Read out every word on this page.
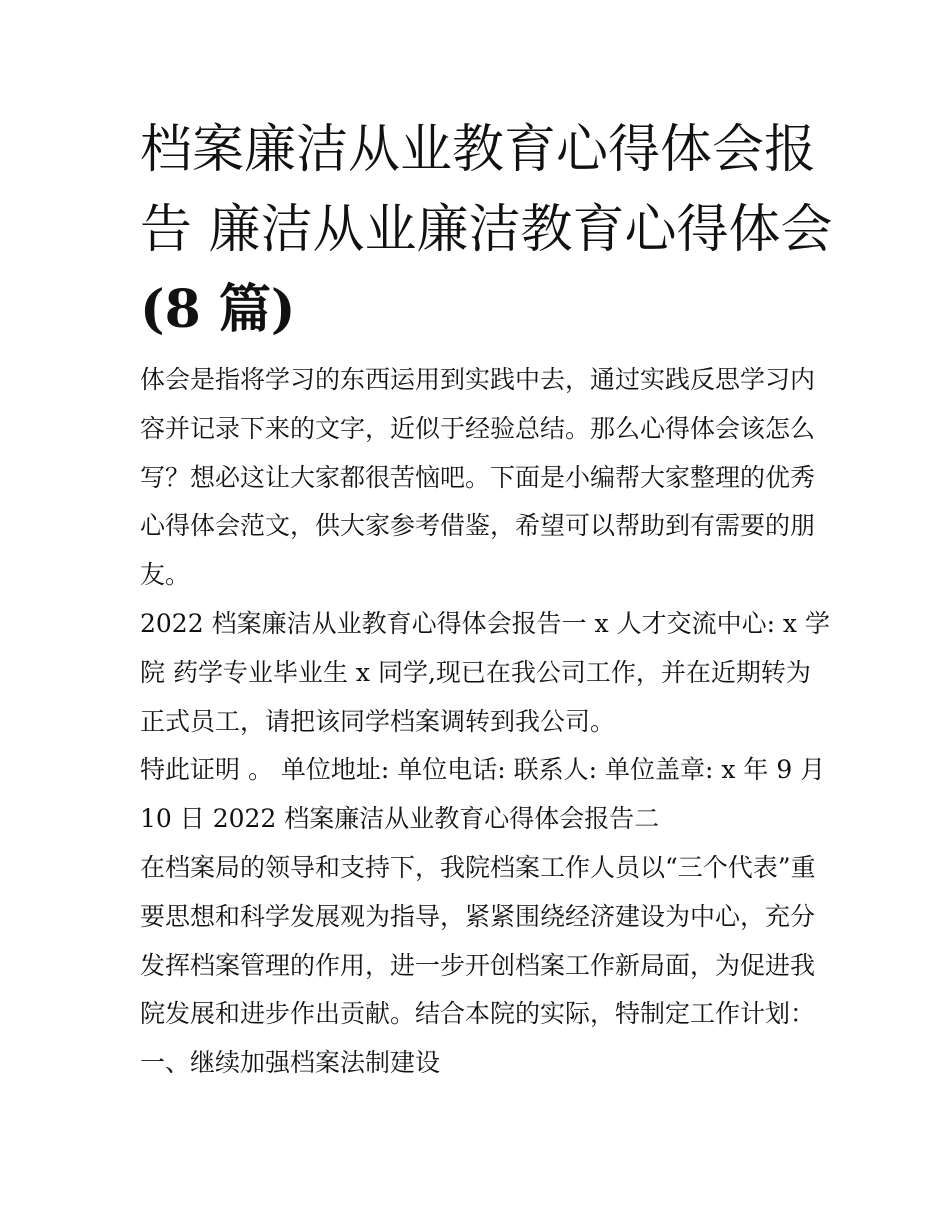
档案廉洁从业教育心得体会报
告 廉洁从业廉洁教育心得体会
(8 篇)
体会是指将学习的东西运用到实践中去，通过实践反思学习内
容并记录下来的文字，近似于经验总结。那么心得体会该怎么
写？想必这让大家都很苦恼吧。下面是小编帮大家整理的优秀
心得体会范文，供大家参考借鉴，希望可以帮助到有需要的朋
友。
2022 档案廉洁从业教育心得体会报告一 x 人才交流中心: x 学
院 药学专业毕业生 x 同学,现已在我公司工作，并在近期转为
正式员工，请把该同学档案调转到我公司。
特此证明 。 单位地址: 单位电话: 联系人: 单位盖章: x 年 9 月
10 日 2022 档案廉洁从业教育心得体会报告二
在档案局的领导和支持下，我院档案工作人员以“三个代表”重
要思想和科学发展观为指导，紧紧围绕经济建设为中心，充分
发挥档案管理的作用，进一步开创档案工作新局面，为促进我
院发展和进步作出贡献。结合本院的实际，特制定工作计划：
一、继续加强档案法制建设
